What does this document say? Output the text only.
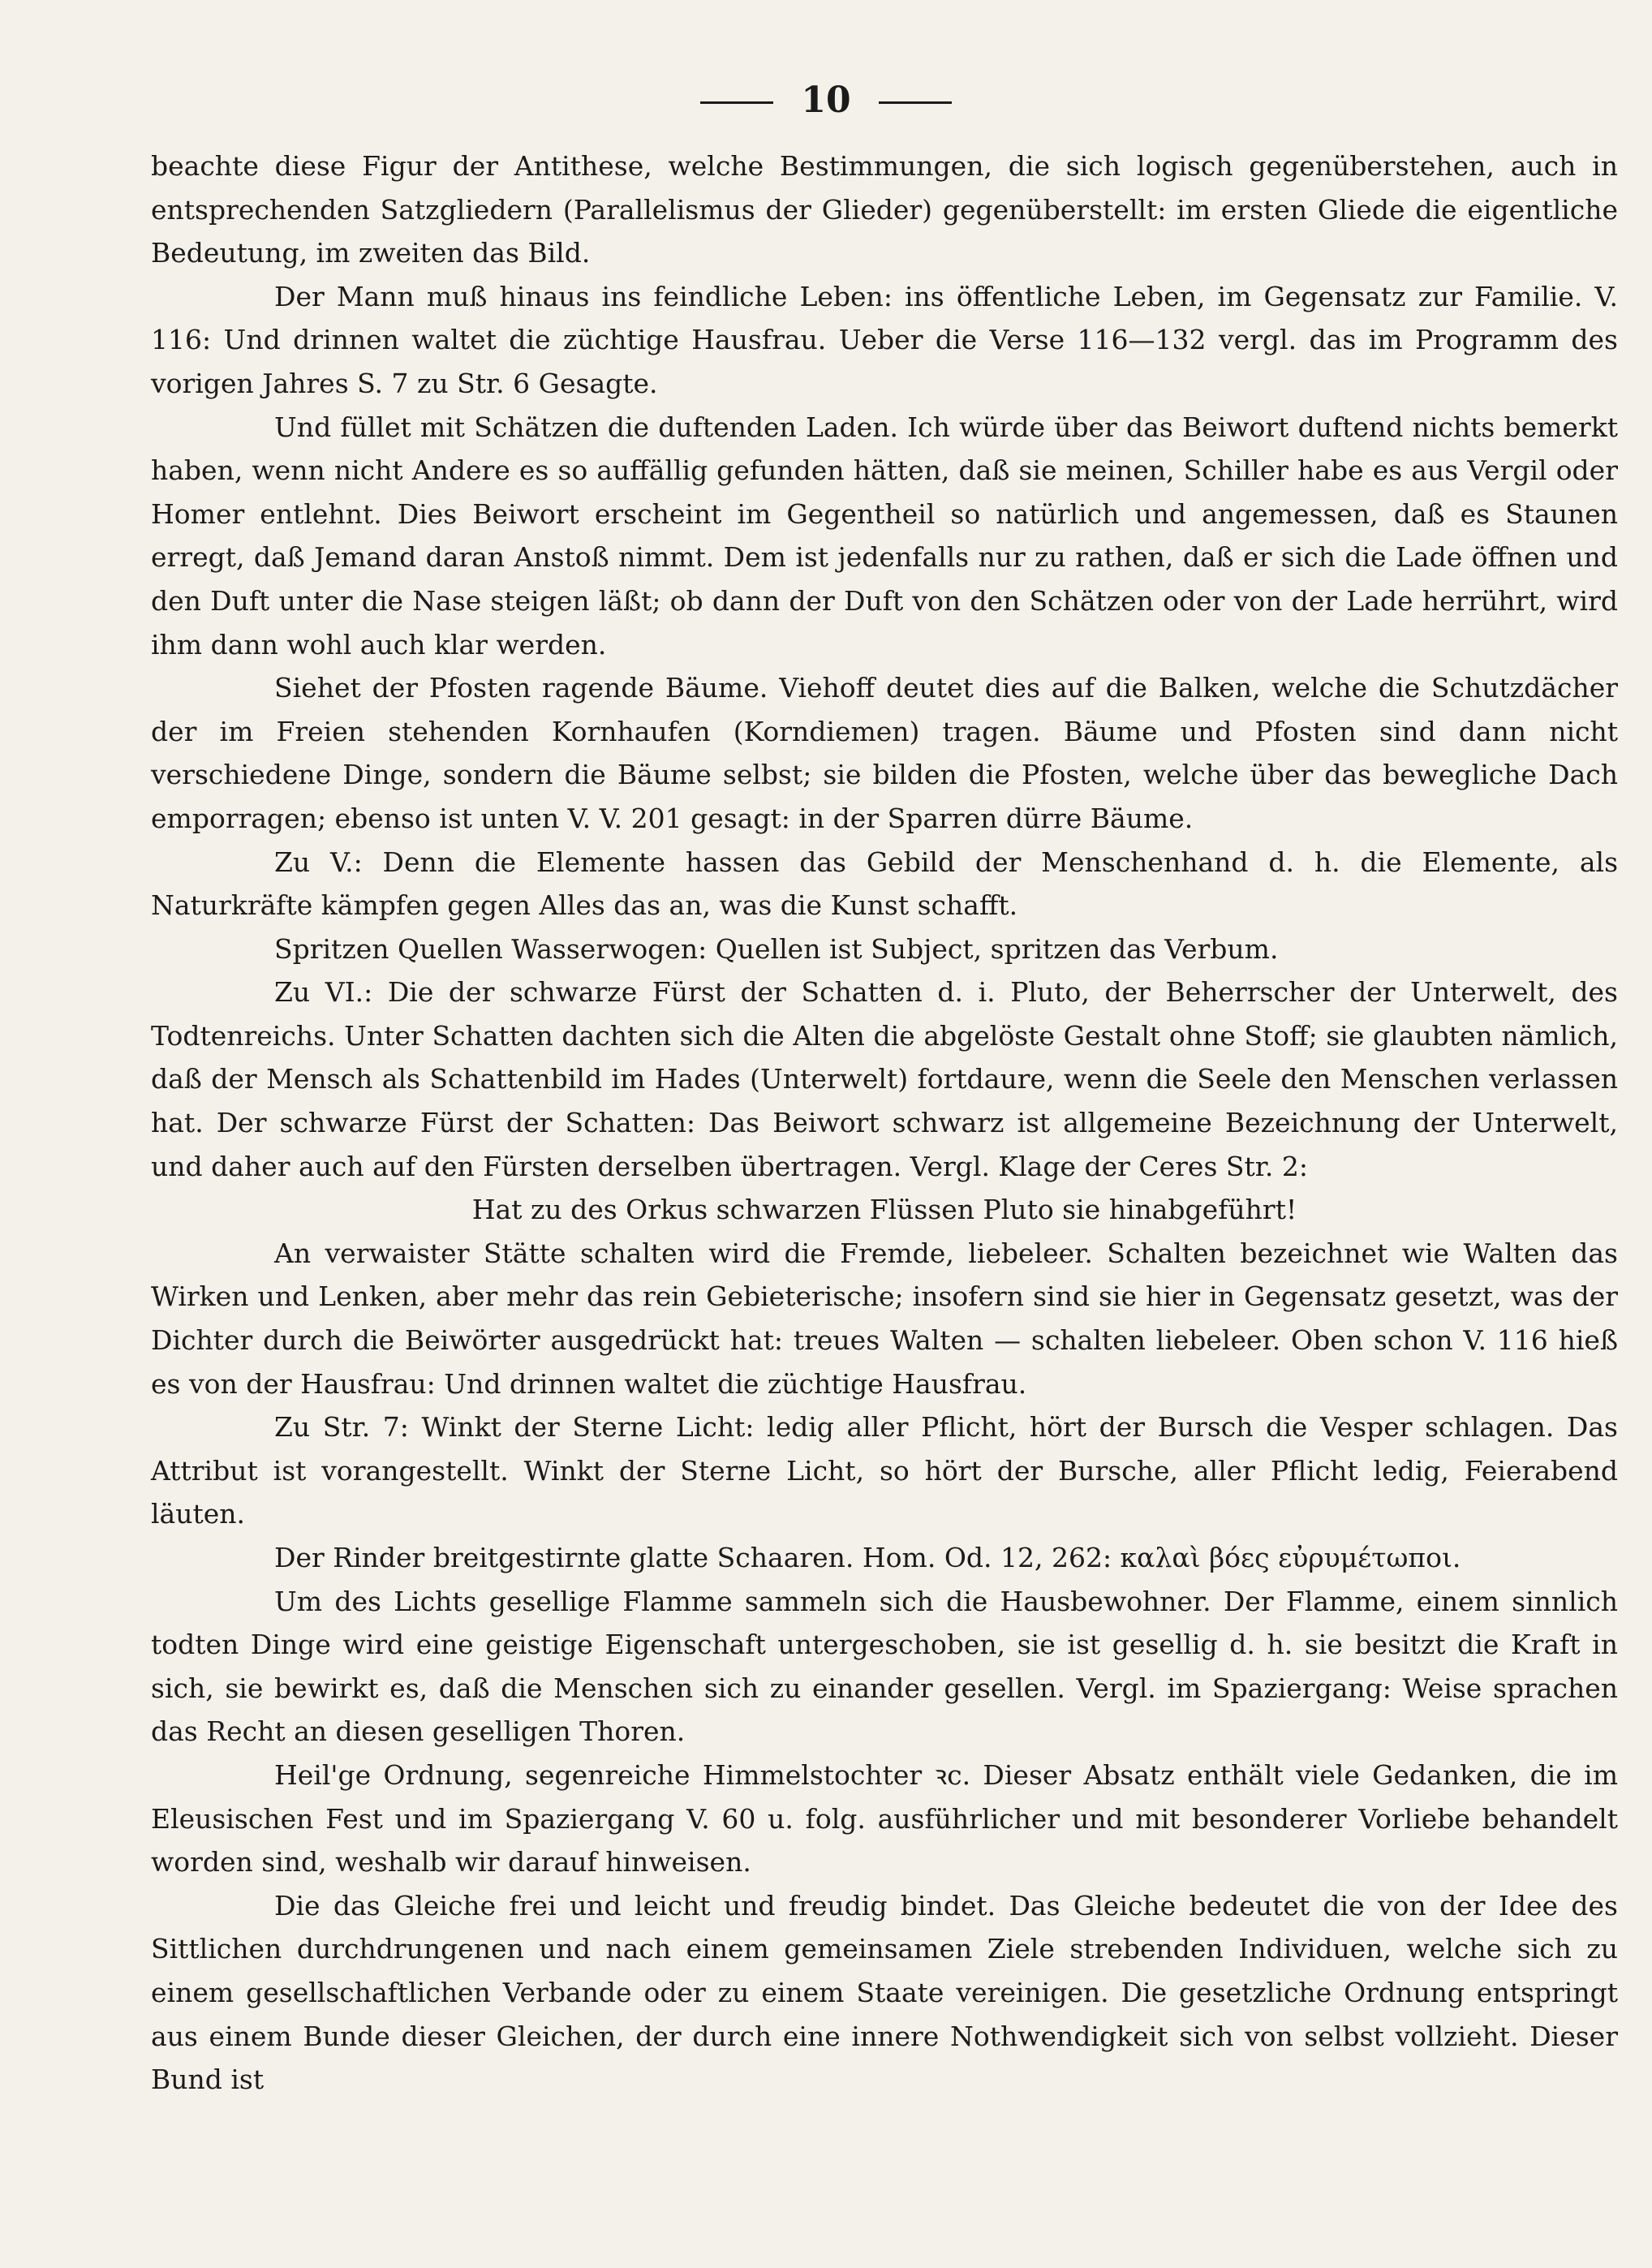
10

beachte diese Figur der Antithese, welche Bestimmungen, die sich logisch gegenüberstehen, auch in entsprechenden Satzgliedern (Parallelismus der Glieder) gegenüberstellt: im ersten Gliede die eigentliche Bedeutung, im zweiten das Bild.

Der Mann muß hinaus ins feindliche Leben: ins öffentliche Leben, im Gegensatz zur Familie. V. 116: Und drinnen waltet die züchtige Hausfrau. Ueber die Verse 116—132 vergl. das im Programm des vorigen Jahres S. 7 zu Str. 6 Gesagte.

Und füllet mit Schätzen die duftenden Laden. Ich würde über das Beiwort duftend nichts bemerkt haben, wenn nicht Andere es so auffällig gefunden hätten, daß sie meinen, Schiller habe es aus Vergil oder Homer entlehnt. Dies Beiwort erscheint im Gegentheil so natürlich und angemessen, daß es Staunen erregt, daß Jemand daran Anstoß nimmt. Dem ist jedenfalls nur zu rathen, daß er sich die Lade öffnen und den Duft unter die Nase steigen läßt; ob dann der Duft von den Schätzen oder von der Lade herrührt, wird ihm dann wohl auch klar werden.

Siehet der Pfosten ragende Bäume. Viehoff deutet dies auf die Balken, welche die Schutzdächer der im Freien stehenden Kornhaufen (Korndiemen) tragen. Bäume und Pfosten sind dann nicht verschiedene Dinge, sondern die Bäume selbst; sie bilden die Pfosten, welche über das bewegliche Dach emporragen; ebenso ist unten V. V. 201 gesagt: in der Sparren dürre Bäume.

Zu V.: Denn die Elemente hassen das Gebild der Menschenhand d. h. die Elemente, als Naturkräfte kämpfen gegen Alles das an, was die Kunst schafft.

Spritzen Quellen Wasserwogen: Quellen ist Subject, spritzen das Verbum.

Zu VI.: Die der schwarze Fürst der Schatten d. i. Pluto, der Beherrscher der Unterwelt, des Todtenreichs. Unter Schatten dachten sich die Alten die abgelöste Gestalt ohne Stoff; sie glaubten nämlich, daß der Mensch als Schattenbild im Hades (Unterwelt) fortdaure, wenn die Seele den Menschen verlassen hat. Der schwarze Fürst der Schatten: Das Beiwort schwarz ist allgemeine Bezeichnung der Unterwelt, und daher auch auf den Fürsten derselben übertragen. Vergl. Klage der Ceres Str. 2:

Hat zu des Orkus schwarzen Flüssen Pluto sie hinabgeführt!

An verwaister Stätte schalten wird die Fremde, liebeleer. Schalten bezeichnet wie Walten das Wirken und Lenken, aber mehr das rein Gebieterische; insofern sind sie hier in Gegensatz gesetzt, was der Dichter durch die Beiwörter ausgedrückt hat: treues Walten — schalten liebeleer. Oben schon V. 116 hieß es von der Hausfrau: Und drinnen waltet die züchtige Hausfrau.

Zu Str. 7: Winkt der Sterne Licht: ledig aller Pflicht, hört der Bursch die Vesper schlagen. Das Attribut ist vorangestellt. Winkt der Sterne Licht, so hört der Bursche, aller Pflicht ledig, Feierabend läuten.

Der Rinder breitgestirnte glatte Schaaren. Hom. Od. 12, 262: καλαὶ βόες εὐρυμέτωποι.

Um des Lichts gesellige Flamme sammeln sich die Hausbewohner. Der Flamme, einem sinnlich todten Dinge wird eine geistige Eigenschaft untergeschoben, sie ist gesellig d. h. sie besitzt die Kraft in sich, sie bewirkt es, daß die Menschen sich zu einander gesellen. Vergl. im Spaziergang: Weise sprachen das Recht an diesen geselligen Thoren.

Heil'ge Ordnung, segenreiche Himmelstochter ꝛc. Dieser Absatz enthält viele Gedanken, die im Eleusischen Fest und im Spaziergang V. 60 u. folg. ausführlicher und mit besonderer Vorliebe behandelt worden sind, weshalb wir darauf hinweisen.

Die das Gleiche frei und leicht und freudig bindet. Das Gleiche bedeutet die von der Idee des Sittlichen durchdrungenen und nach einem gemeinsamen Ziele strebenden Individuen, welche sich zu einem gesellschaftlichen Verbande oder zu einem Staate vereinigen. Die gesetzliche Ordnung entspringt aus einem Bunde dieser Gleichen, der durch eine innere Nothwendigkeit sich von selbst vollzieht. Dieser Bund ist
